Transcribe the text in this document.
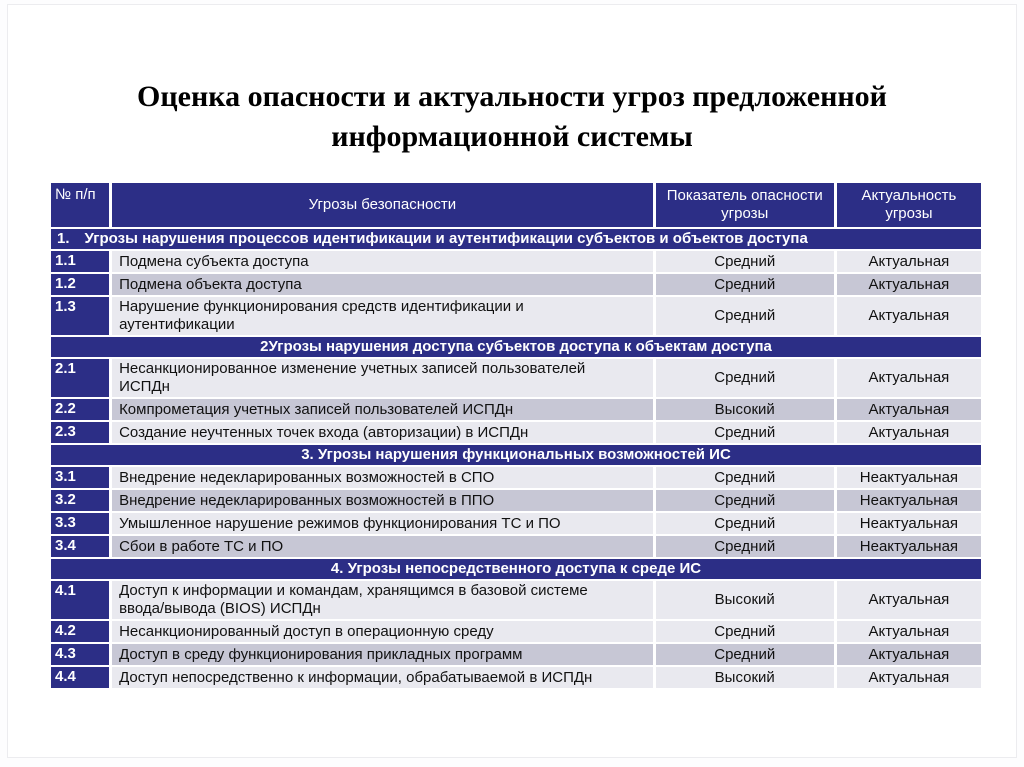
Оценка опасности и актуальности угроз предложенной информационной системы
№ п/п	Угрозы безопасности	Показатель опасности угрозы	Актуальность угрозы
1. Угрозы нарушения процессов идентификации и аутентификации субъектов и объектов доступа			
1.1	Подмена субъекта доступа	Средний	Актуальная
1.2	Подмена объекта доступа	Средний	Актуальная
1.3	Нарушение функционирования средств идентификации и аутентификации	Средний	Актуальная
2Угрозы нарушения доступа субъектов доступа к объектам доступа			
2.1	Несанкционированное изменение учетных записей пользователей ИСПДн	Средний	Актуальная
2.2	Компрометация учетных записей пользователей ИСПДн	Высокий	Актуальная
2.3	Создание неучтенных точек входа (авторизации) в ИСПДн	Средний	Актуальная
3. Угрозы нарушения функциональных возможностей ИС			
3.1	Внедрение недекларированных возможностей в СПО	Средний	Неактуальная
3.2	Внедрение недекларированных возможностей в ППО	Средний	Неактуальная
3.3	Умышленное нарушение режимов функционирования ТС и ПО	Средний	Неактуальная
3.4	Сбои в работе ТС и ПО	Средний	Неактуальная
4. Угрозы непосредственного доступа к среде ИС			
4.1	Доступ к информации и командам, хранящимся в базовой системе ввода/вывода (BIOS) ИСПДн	Высокий	Актуальная
4.2	Несанкционированный доступ в операционную среду	Средний	Актуальная
4.3	Доступ в среду функционирования прикладных программ	Средний	Актуальная
4.4	Доступ непосредственно к информации, обрабатываемой в ИСПДн	Высокий	Актуальная
